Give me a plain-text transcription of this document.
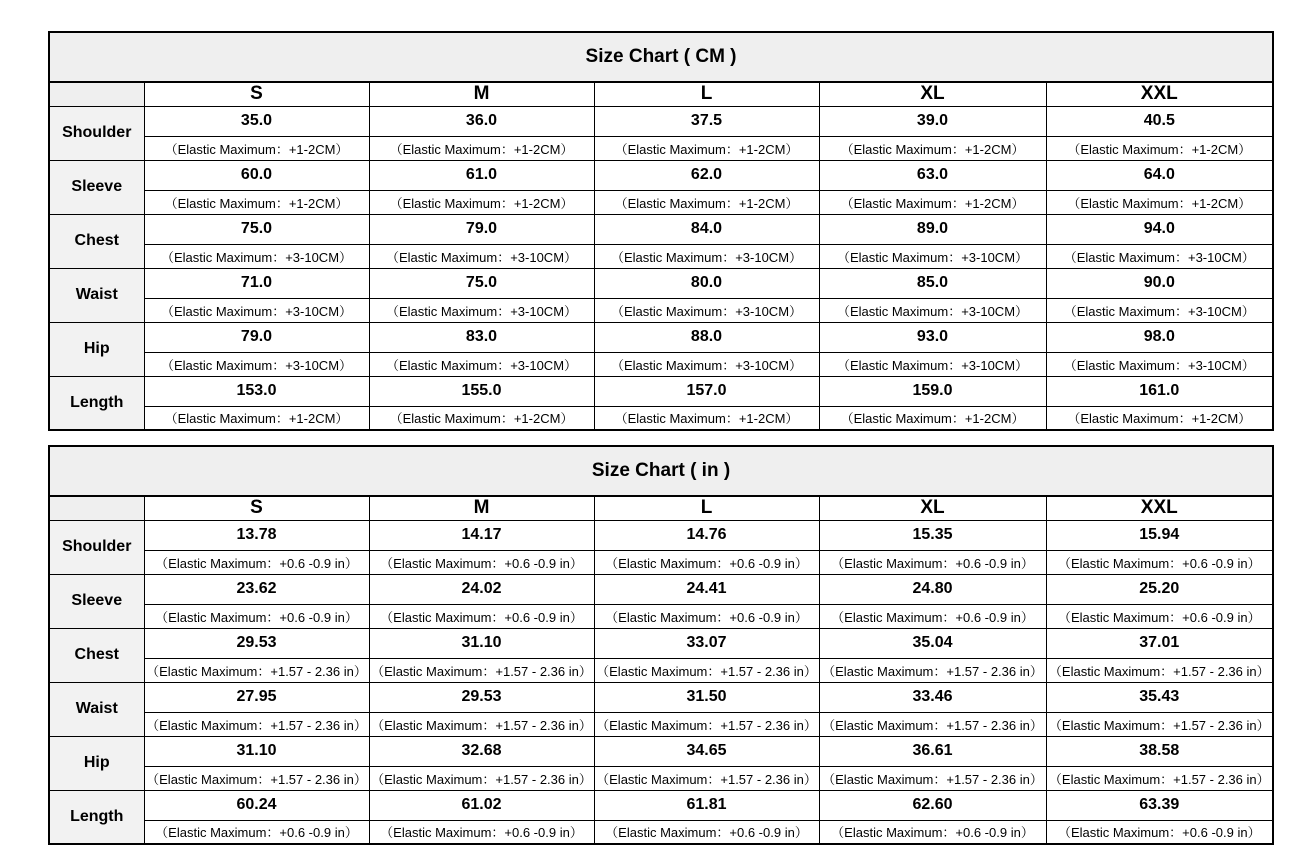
Size Chart ( CM )					
	S	M	L	XL	XXL
Shoulder	35.0	36.0	37.5	39.0	40.5
	（Elastic Maximum：+1-2CM）	（Elastic Maximum：+1-2CM）	（Elastic Maximum：+1-2CM）	（Elastic Maximum：+1-2CM）	（Elastic Maximum：+1-2CM）
Sleeve	60.0	61.0	62.0	63.0	64.0
	（Elastic Maximum：+1-2CM）	（Elastic Maximum：+1-2CM）	（Elastic Maximum：+1-2CM）	（Elastic Maximum：+1-2CM）	（Elastic Maximum：+1-2CM）
Chest	75.0	79.0	84.0	89.0	94.0
	（Elastic Maximum：+3-10CM）	（Elastic Maximum：+3-10CM）	（Elastic Maximum：+3-10CM）	（Elastic Maximum：+3-10CM）	（Elastic Maximum：+3-10CM）
Waist	71.0	75.0	80.0	85.0	90.0
	（Elastic Maximum：+3-10CM）	（Elastic Maximum：+3-10CM）	（Elastic Maximum：+3-10CM）	（Elastic Maximum：+3-10CM）	（Elastic Maximum：+3-10CM）
Hip	79.0	83.0	88.0	93.0	98.0
	（Elastic Maximum：+3-10CM）	（Elastic Maximum：+3-10CM）	（Elastic Maximum：+3-10CM）	（Elastic Maximum：+3-10CM）	（Elastic Maximum：+3-10CM）
Length	153.0	155.0	157.0	159.0	161.0
	（Elastic Maximum：+1-2CM）	（Elastic Maximum：+1-2CM）	（Elastic Maximum：+1-2CM）	（Elastic Maximum：+1-2CM）	（Elastic Maximum：+1-2CM）
Size Chart ( in )					
	S	M	L	XL	XXL
Shoulder	13.78	14.17	14.76	15.35	15.94
	（Elastic Maximum：+0.6 -0.9 in）	（Elastic Maximum：+0.6 -0.9 in）	（Elastic Maximum：+0.6 -0.9 in）	（Elastic Maximum：+0.6 -0.9 in）	（Elastic Maximum：+0.6 -0.9 in）
Sleeve	23.62	24.02	24.41	24.80	25.20
	（Elastic Maximum：+0.6 -0.9 in）	（Elastic Maximum：+0.6 -0.9 in）	（Elastic Maximum：+0.6 -0.9 in）	（Elastic Maximum：+0.6 -0.9 in）	（Elastic Maximum：+0.6 -0.9 in）
Chest	29.53	31.10	33.07	35.04	37.01
	（Elastic Maximum：+1.57 - 2.36 in）	（Elastic Maximum：+1.57 - 2.36 in）	（Elastic Maximum：+1.57 - 2.36 in）	（Elastic Maximum：+1.57 - 2.36 in）	（Elastic Maximum：+1.57 - 2.36 in）
Waist	27.95	29.53	31.50	33.46	35.43
	（Elastic Maximum：+1.57 - 2.36 in）	（Elastic Maximum：+1.57 - 2.36 in）	（Elastic Maximum：+1.57 - 2.36 in）	（Elastic Maximum：+1.57 - 2.36 in）	（Elastic Maximum：+1.57 - 2.36 in）
Hip	31.10	32.68	34.65	36.61	38.58
	（Elastic Maximum：+1.57 - 2.36 in）	（Elastic Maximum：+1.57 - 2.36 in）	（Elastic Maximum：+1.57 - 2.36 in）	（Elastic Maximum：+1.57 - 2.36 in）	（Elastic Maximum：+1.57 - 2.36 in）
Length	60.24	61.02	61.81	62.60	63.39
	（Elastic Maximum：+0.6 -0.9 in）	（Elastic Maximum：+0.6 -0.9 in）	（Elastic Maximum：+0.6 -0.9 in）	（Elastic Maximum：+0.6 -0.9 in）	（Elastic Maximum：+0.6 -0.9 in）
